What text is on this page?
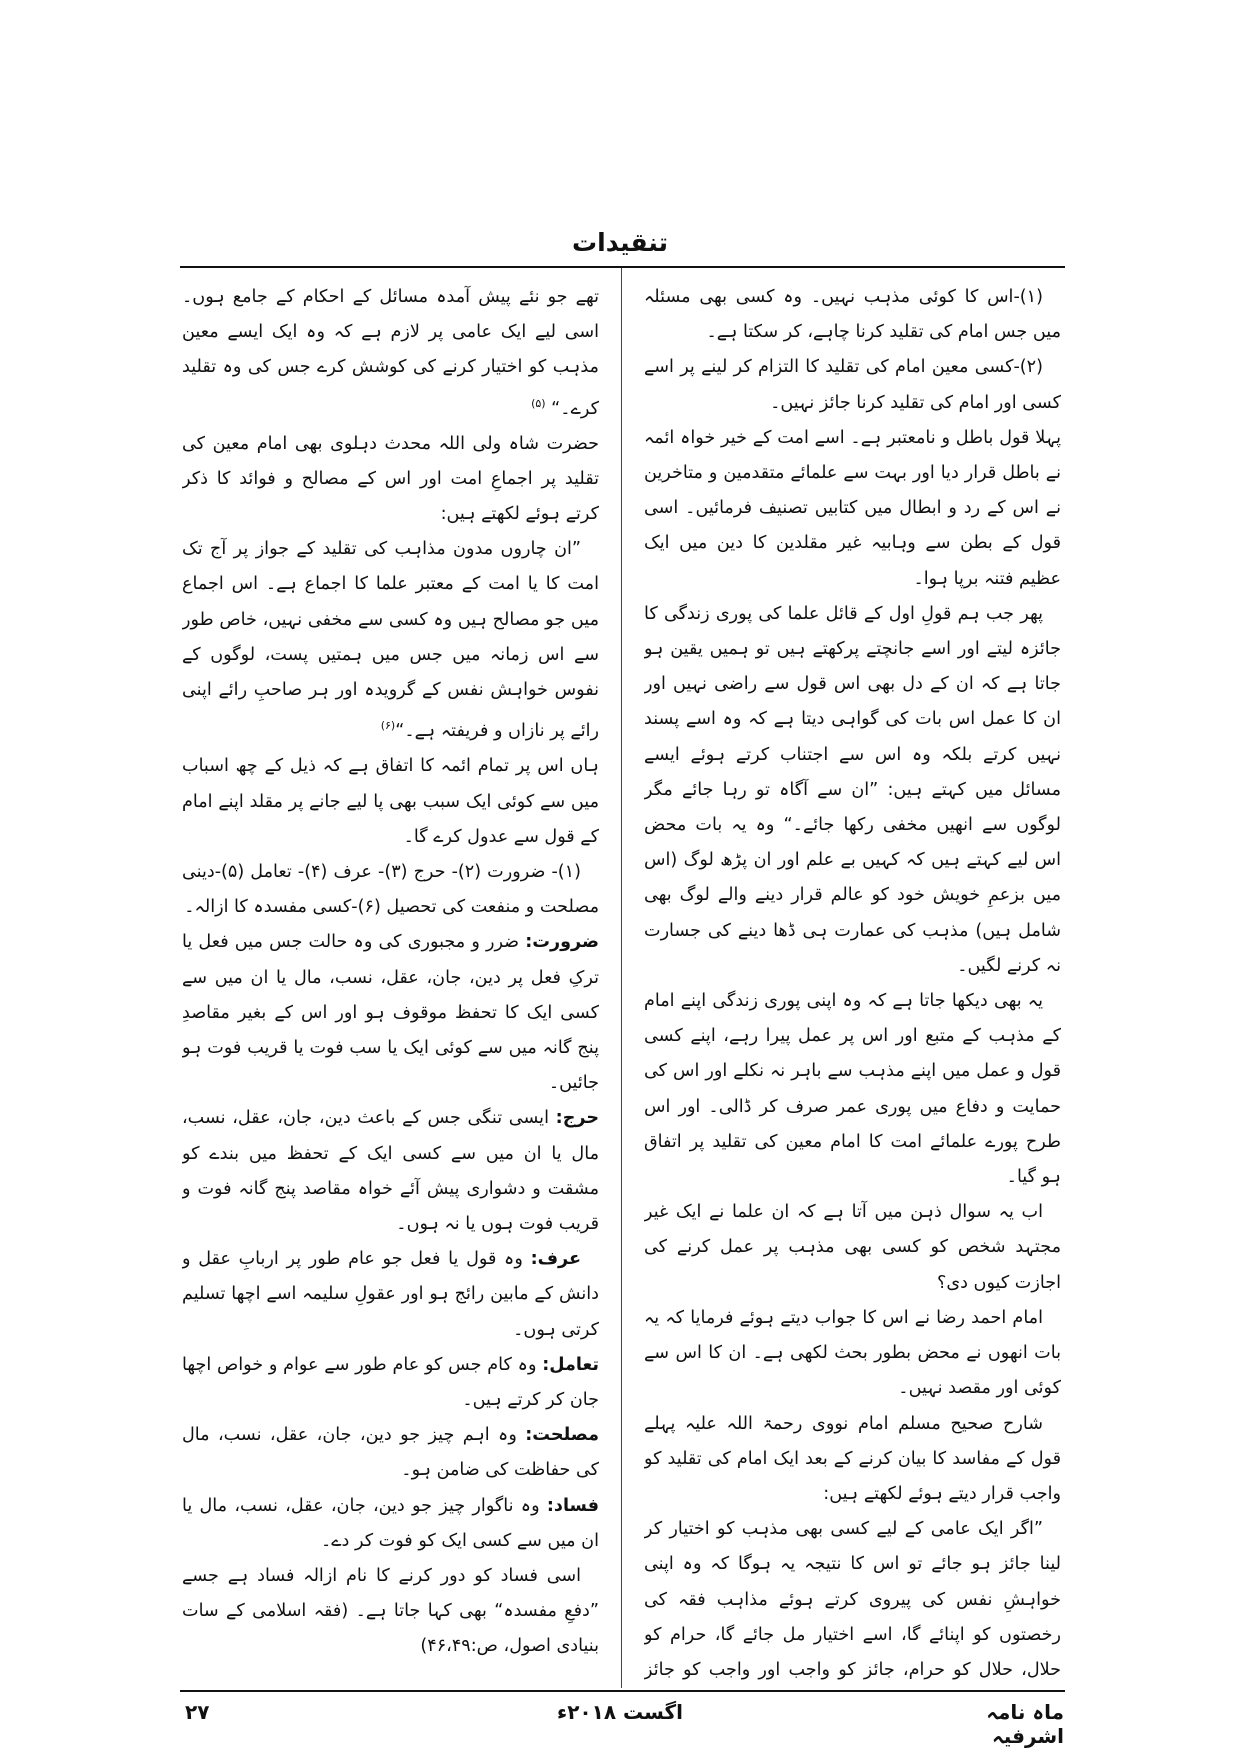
تنقیدات

(۱)-اس کا کوئی مذہب نہیں۔ وہ کسی بھی مسئلہ میں جس امام کی تقلید کرنا چاہے، کر سکتا ہے۔

(۲)-کسی معین امام کی تقلید کا التزام کر لینے پر اسے کسی اور امام کی تقلید کرنا جائز نہیں۔

پہلا قول باطل و نامعتبر ہے۔ اسے امت کے خیر خواہ ائمہ نے باطل قرار دیا اور بہت سے علمائے متقدمین و متاخرین نے اس کے رد و ابطال میں کتابیں تصنیف فرمائیں۔ اسی قول کے بطن سے وہابیہ غیر مقلدین کا دین میں ایک عظیم فتنہ برپا ہوا۔

پھر جب ہم قولِ اول کے قائل علما کی پوری زندگی کا جائزہ لیتے اور اسے جانچتے پرکھتے ہیں تو ہمیں یقین ہو جاتا ہے کہ ان کے دل بھی اس قول سے راضی نہیں اور ان کا عمل اس بات کی گواہی دیتا ہے کہ وہ اسے پسند نہیں کرتے بلکہ وہ اس سے اجتناب کرتے ہوئے ایسے مسائل میں کہتے ہیں: ”ان سے آگاہ تو رہا جائے مگر لوگوں سے انھیں مخفی رکھا جائے۔“ وہ یہ بات محض اس لیے کہتے ہیں کہ کہیں بے علم اور ان پڑھ لوگ (اس میں بزعمِ خویش خود کو عالم قرار دینے والے لوگ بھی شامل ہیں) مذہب کی عمارت ہی ڈھا دینے کی جسارت نہ کرنے لگیں۔

یہ بھی دیکھا جاتا ہے کہ وہ اپنی پوری زندگی اپنے امام کے مذہب کے متبع اور اس پر عمل پیرا رہے، اپنے کسی قول و عمل میں اپنے مذہب سے باہر نہ نکلے اور اس کی حمایت و دفاع میں پوری عمر صرف کر ڈالی۔ اور اس طرح پورے علمائے امت کا امام معین کی تقلید پر اتفاق ہو گیا۔

اب یہ سوال ذہن میں آتا ہے کہ ان علما نے ایک غیر مجتہد شخص کو کسی بھی مذہب پر عمل کرنے کی اجازت کیوں دی؟

امام احمد رضا نے اس کا جواب دیتے ہوئے فرمایا کہ یہ بات انھوں نے محض بطور بحث لکھی ہے۔ ان کا اس سے کوئی اور مقصد نہیں۔

شارح صحیح مسلم امام نووی رحمۃ اللہ علیہ پہلے قول کے مفاسد کا بیان کرنے کے بعد ایک امام کی تقلید کو واجب قرار دیتے ہوئے لکھتے ہیں:

”اگر ایک عامی کے لیے کسی بھی مذہب کو اختیار کر لینا جائز ہو جائے تو اس کا نتیجہ یہ ہوگا کہ وہ اپنی خواہشِ نفس کی پیروی کرتے ہوئے مذاہب فقہ کی رخصتوں کو اپنائے گا، اسے اختیار مل جائے گا، حرام کو حلال، حلال کو حرام، جائز کو واجب اور واجب کو جائز

تھے جو نئے پیش آمدہ مسائل کے احکام کے جامع ہوں۔ اسی لیے ایک عامی پر لازم ہے کہ وہ ایک ایسے معین مذہب کو اختیار کرنے کی کوشش کرے جس کی وہ تقلید کرے۔“ $^{(۵)}$

حضرت شاہ ولی اللہ محدث دہلوی بھی امام معین کی تقلید پر اجماعِ امت اور اس کے مصالح و فوائد کا ذکر کرتے ہوئے لکھتے ہیں:

”ان چاروں مدون مذاہب کی تقلید کے جواز پر آج تک امت کا یا امت کے معتبر علما کا اجماع ہے۔ اس اجماع میں جو مصالح ہیں وہ کسی سے مخفی نہیں، خاص طور سے اس زمانہ میں جس میں ہمتیں پست، لوگوں کے نفوس خواہش نفس کے گرویدہ اور ہر صاحبِ رائے اپنی رائے پر نازاں و فریفتہ ہے۔“$^{(۶)}$

ہاں اس پر تمام ائمہ کا اتفاق ہے کہ ذیل کے چھ اسباب میں سے کوئی ایک سبب بھی پا لیے جانے پر مقلد اپنے امام کے قول سے عدول کرے گا۔

(۱)- ضرورت (۲)- حرج (۳)- عرف (۴)- تعامل (۵)-دینی مصلحت و منفعت کی تحصیل (۶)-کسی مفسدہ کا ازالہ۔

ضرورت: ضرر و مجبوری کی وہ حالت جس میں فعل یا ترکِ فعل پر دین، جان، عقل، نسب، مال یا ان میں سے کسی ایک کا تحفظ موقوف ہو اور اس کے بغیر مقاصدِ پنج گانہ میں سے کوئی ایک یا سب فوت یا قریب فوت ہو جائیں۔

حرج: ایسی تنگی جس کے باعث دین، جان، عقل، نسب، مال یا ان میں سے کسی ایک کے تحفظ میں بندے کو مشقت و دشواری پیش آئے خواہ مقاصد پنج گانہ فوت و قریب فوت ہوں یا نہ ہوں۔

عرف: وہ قول یا فعل جو عام طور پر اربابِ عقل و دانش کے مابین رائج ہو اور عقولِ سلیمہ اسے اچھا تسلیم کرتی ہوں۔

تعامل: وہ کام جس کو عام طور سے عوام و خواص اچھا جان کر کرتے ہیں۔

مصلحت: وہ اہم چیز جو دین، جان، عقل، نسب، مال کی حفاظت کی ضامن ہو۔

فساد: وہ ناگوار چیز جو دین، جان، عقل، نسب، مال یا ان میں سے کسی ایک کو فوت کر دے۔

اسی فساد کو دور کرنے کا نام ازالہ فساد ہے جسے ”دفعِ مفسدہ“ بھی کہا جاتا ہے۔ (فقہ اسلامی کے سات بنیادی اصول، ص:۴۶،۴۹)

ماہ نامہ اشرفیہ
اگست ۲۰۱۸ء
۲۷
